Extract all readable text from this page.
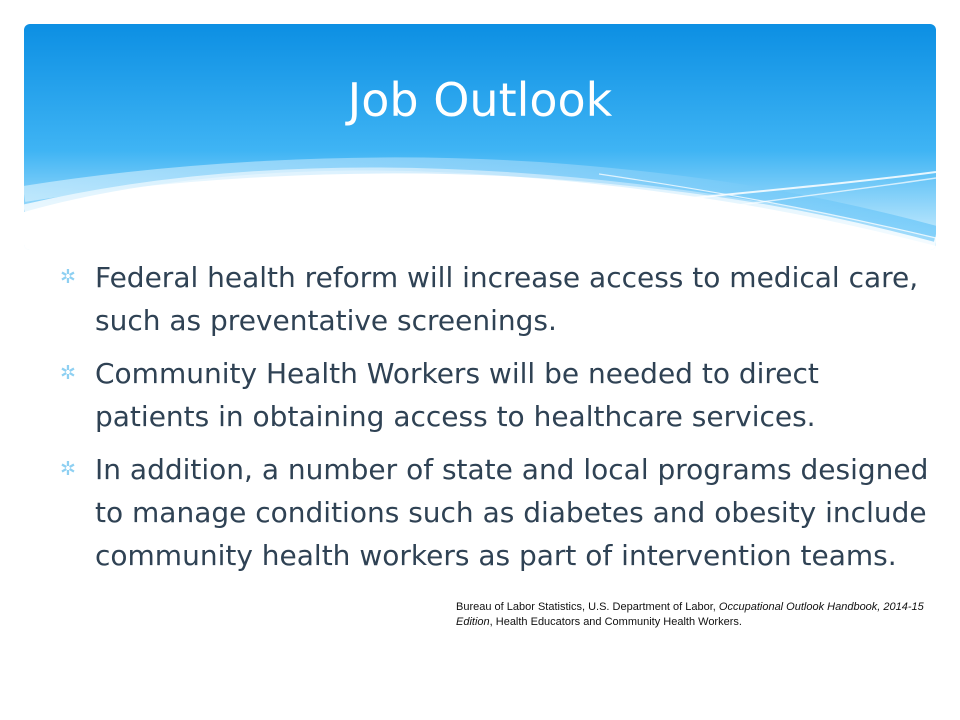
Job Outlook
✲ Federal health reform will increase access to medical care, such as preventative screenings.
✲ Community Health Workers will be needed to direct patients in obtaining access to healthcare services.
✲ In addition, a number of state and local programs designed to manage conditions such as diabetes and obesity include community health workers as part of intervention teams.
Bureau of Labor Statistics, U.S. Department of Labor, Occupational Outlook Handbook, 2014-15 Edition, Health Educators and Community Health Workers.
